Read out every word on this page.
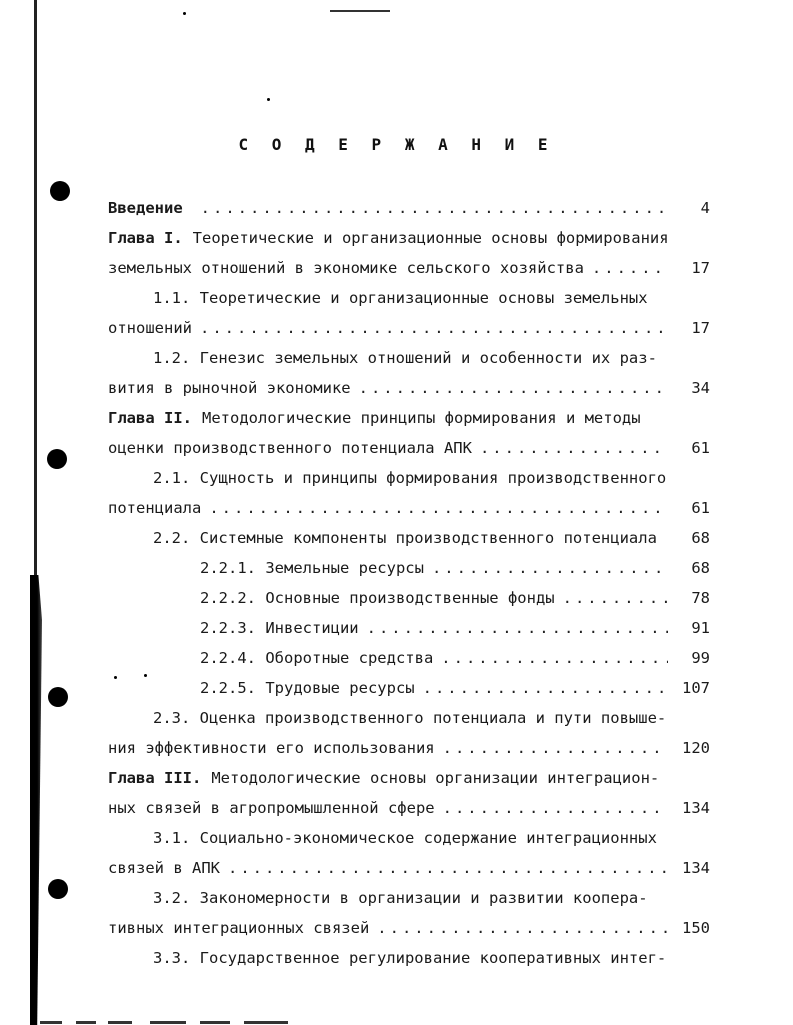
С О Д Е Р Ж А Н И Е
Введение .....	4
Глава I. Теоретические и организационные основы формирования
земельных отношений в экономике сельского хозяйства .....	17
1.1. Теоретические и организационные основы земельных
отношений .....	17
1.2. Генезис земельных отношений и особенности их раз-
вития в рыночной экономике .....	34
Глава II. Методологические принципы формирования и методы
оценки производственного потенциала АПК .....	61
2.1. Сущность и принципы формирования производственного
потенциала .....	61
2.2. Системные компоненты производственного потенциала	68
2.2.1. Земельные ресурсы .....	68
2.2.2. Основные производственные фонды .....	78
2.2.3. Инвестиции .....	91
2.2.4. Оборотные средства .....	99
2.2.5. Трудовые ресурсы .....	107
2.3. Оценка производственного потенциала и пути повыше-
ния эффективности его использования .....	120
Глава III. Методологические основы организации интеграцион-
ных связей в агропромышленной сфере .....	134
3.1. Социально-экономическое содержание интеграционных
связей в АПК .....	134
3.2. Закономерности в организации и развитии коопера-
тивных интеграционных связей .....	150
3.3. Государственное регулирование кооперативных интег-
